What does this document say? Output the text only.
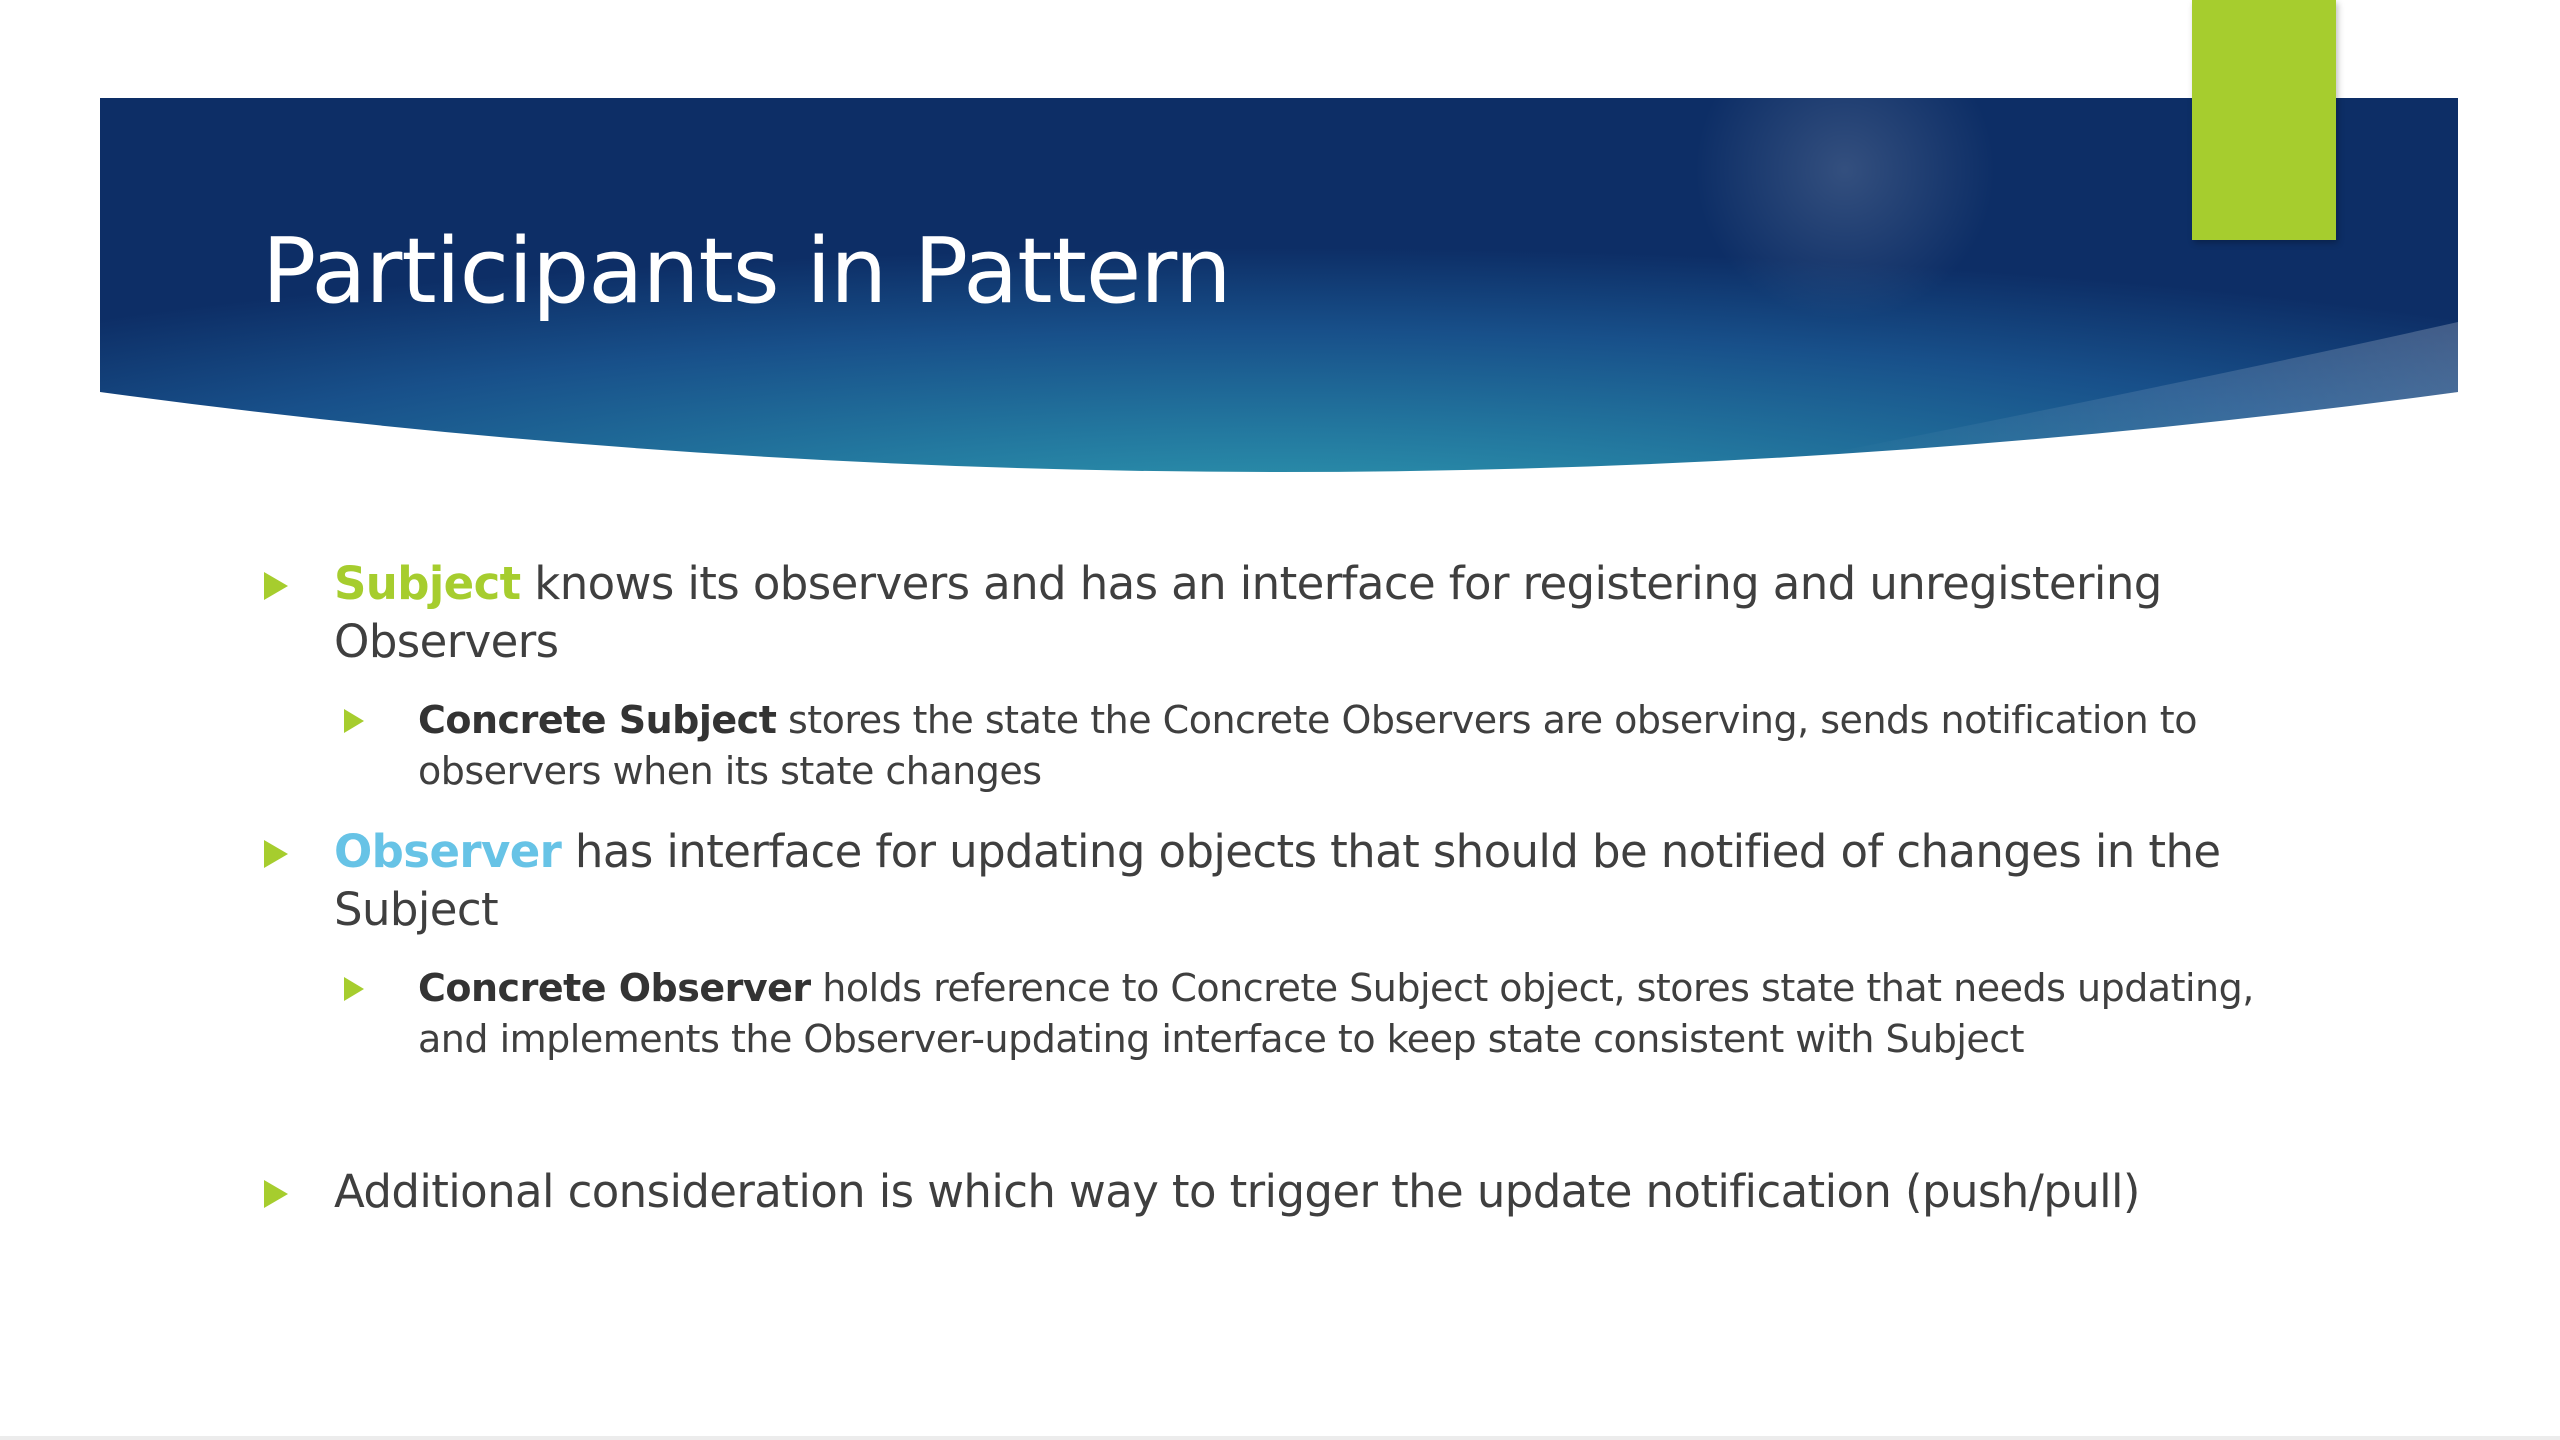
Participants in Pattern

Subject knows its observers and has an interface for registering and unregistering Observers

Concrete Subject stores the state the Concrete Observers are observing, sends notification to observers when its state changes

Observer has interface for updating objects that should be notified of changes in the Subject

Concrete Observer holds reference to Concrete Subject object, stores state that needs updating, and implements the Observer-updating interface to keep state consistent with Subject

Additional consideration is which way to trigger the update notification (push/pull)
